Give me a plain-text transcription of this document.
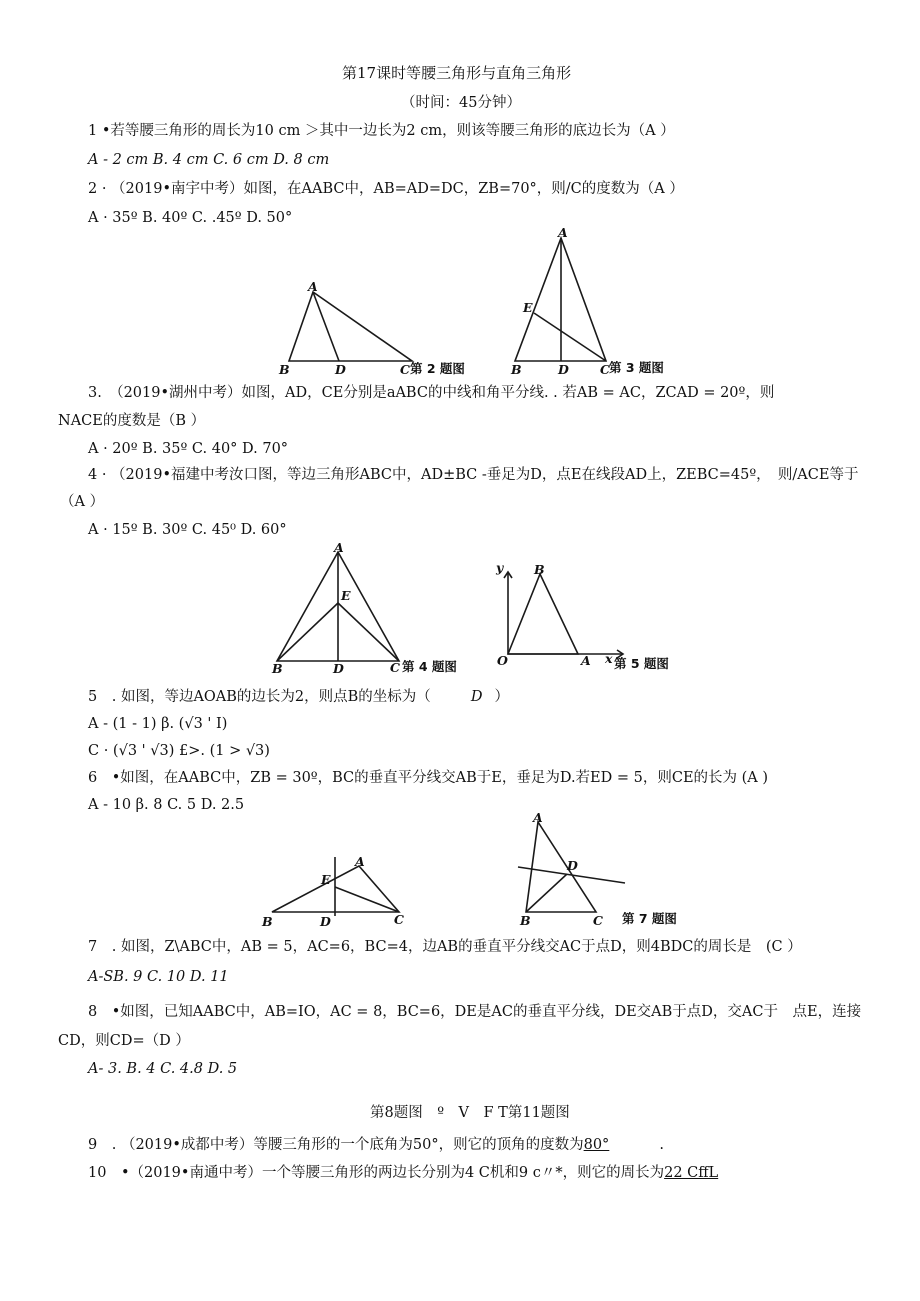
第17课时等腰三角形与直角三角形
（时间：45分钟）
1 •若等腰三角形的周长为10 cm ＞其中一边长为2 cm，则该等腰三角形的底边长为（A ）
A - 2 cm B. 4 cm C. 6 cm D. 8 cm
2 · （2019•南宇中考）如图，在AABC中，AB=AD=DC，ZB=70°，则/C的度数为（A ）
A · 35º B. 40º C. .45º D. 50°
A
B	D	C 第 2 题图
A
E
B	D C 第 3 题图
3.　（2019•湖州中考）如图，AD，CE分别是aABC的中线和角平分线. . 若AB = AC，ZCAD = 20º，则
NACE的度数是（B ）
A · 20º B. 35º C. 40° D. 70°
4 · （2019•福建中考汝口图，等边三角形ABC中，AD±BC -垂足为D，点E在线段AD上，ZEBC=45º，　则/ACE等于
（A ）
A · 15º B. 30º C. 45⁰ D. 60°
A
E
B	D	C 第 4 题图
B
O	A x
y
第 5 题图
5　. 如图，等边AOAB的边长为2，则点B的坐标为（	D ）
A - (1 - 1) β. (√3 ' I)
C · (√3 ' √3) £>. (1 > √3)
6　•如图，在AABC中，ZB = 30º，BC的垂直平分线交AB于E，垂足为D.若ED = 5，则CE的长为 (A )
A - 10 β. 8 C. 5 D. 2.5
A
E
B	D	C
A
D
B	C 第 7 题图
7　. 如图，Z\ABC中，AB = 5，AC=6，BC=4，边AB的垂直平分线交AC于点D，则4BDC的周长是　(C ）
A-SB. 9 C. 10 D. 11
8　•如图，已知AABC中，AB=IO，AC = 8，BC=6，DE是AC的垂直平分线，DE交AB于点D，交AC于　点E，连接
CD，则CD=（D ）
A- 3. B. 4 C. 4.8 D. 5
第8题图　º　V　F T第11题图
9　. （2019•成都中考）等腰三角形的一个底角为50°，则它的顶角的度数为80°	.
10　•（2019•南通中考）一个等腰三角形的两边长分别为4 C机和9 c〃*，则它的周长为22 CffL
